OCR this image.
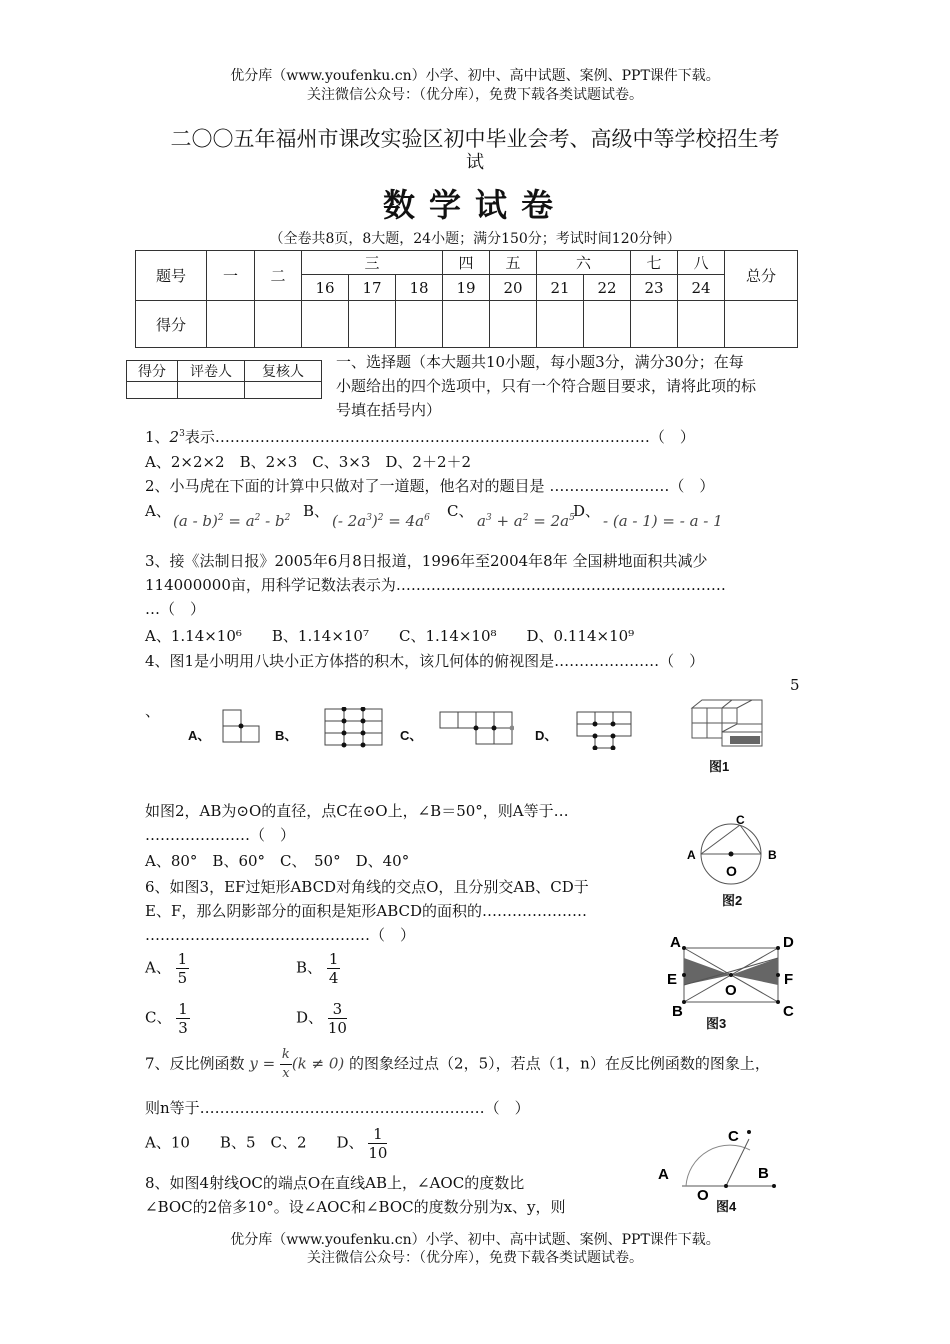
优分库（www.youfenku.cn）小学、初中、高中试题、案例、PPT课件下载。
关注微信公众号：（优分库），免费下载各类试题试卷。
二〇〇五年福州市课改实验区初中毕业会考、高级中等学校招生考
试
数学试卷
（全卷共8页，8大题，24小题；满分150分；考试时间120分钟）
题号	一	二	三			四	五	六		七	八	总分
			16	17	18	19	20	21	22	23	24	
得分												
得分	评卷人	复核人

一、选择题（本大题共10小题，每小题3分，满分30分；在每
小题给出的四个选项中，只有一个符合题目要求，请将此项的标
号填在括号内）
1、$2^3$表示……………………………………………………………………………（　）
A、2×2×2　B、2×3　C、3×3　D、2＋2＋2
2、小马虎在下面的计算中只做对了一道题，他名对的题目是 ……………………（　）
A、
$(a - b)^2 = a^2 - b^2$ B、
(- $2a^3)^2 = 4a^6$ C、
$a^3 + a^2 = 2a^5$
D、
- (a - 1) = - a - 1
3、接《法制日报》2005年6月8日报道，1996年至2004年8年 全国耕地面积共减少
114000000亩，用科学记数法表示为…………………………………………………………
…（　）
A、1.14×10⁶　　B、1.14×10⁷　　C、1.14×10⁸　　D、0.114×10⁹
4、图1是小明用八块小正方体搭的积木，该几何体的俯视图是…………………（　）
5
、
A、	B、	C、	D、
图1
如图2，AB为⊙O的直径，点C在⊙O上，∠B＝50°，则A等于…
…………………（　）
A、80°　B、60°　C、　50°　D、40°
C
A	B
O
图2
6、如图3，EF过矩形ABCD对角线的交点O，且分别交AB、CD于
E、F，那么阴影部分的面积是矩形ABCD的面积的…………………
………………………………………（　）
A、 $\frac{1}{5}$	B、 $\frac{1}{4}$
C、 $\frac{1}{3}$	D、 $\frac{3}{10}$
A	D
E	F
O
B	C
图3
7、反比例函数 $y = \frac{k}{x} (k \ne 0)$ 的图象经过点（2，5），若点（1，n）在反比例函数的图象上，
则n等于…………………………………………………（　）
A、10　　B、5　C、2　　D、 $\frac{1}{10}$
8、如图4射线OC的端点O在直线AB上，∠AOC的度数比
∠BOC的2倍多10°。设∠AOC和∠BOC的度数分别为x、y，则
C
A	B
O
图4
优分库（www.youfenku.cn）小学、初中、高中试题、案例、PPT课件下载。
关注微信公众号：（优分库），免费下载各类试题试卷。
